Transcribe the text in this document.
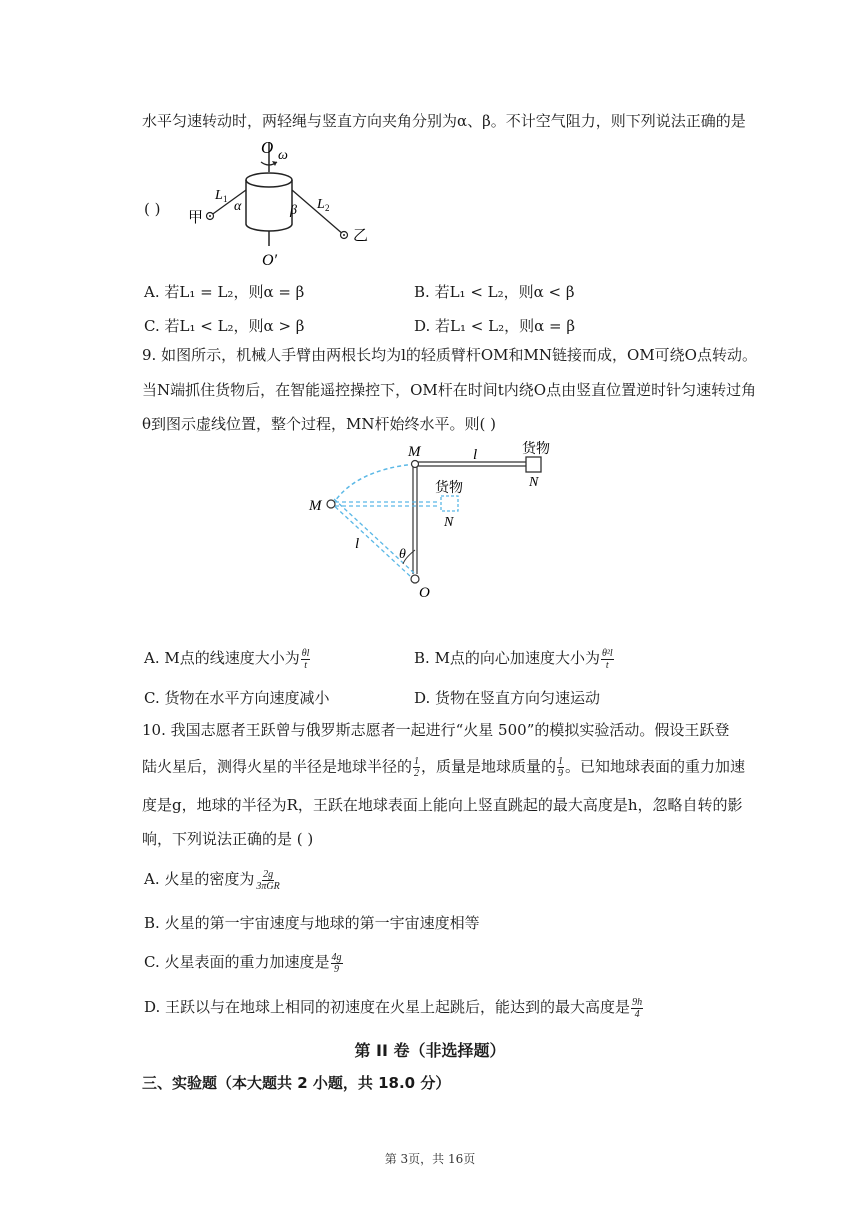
水平匀速转动时，两轻绳与竖直方向夹角分别为α、β。不计空气阻力，则下列说法正确的是
( )
O ω
L 1	L 2
α	β
甲
乙
O′
A. 若L₁ = L₂，则α = β	B. 若L₁ < L₂，则α < β
C. 若L₁ < L₂，则α > β	D. 若L₁ < L₂，则α = β
9. 如图所示，机械人手臂由两根长均为l的轻质臂杆OM和MN链接而成，OM可绕O点转动。
当N端抓住货物后，在智能遥控操控下，OM杆在时间t内绕O点由竖直位置逆时针匀速转过角
θ到图示虚线位置，整个过程，MN杆始终水平。则( )
M	l	货物
N
M
货物
N
l
θ
O
A. M点的线速度大小为 $\frac{\theta l}{t}$	B. M点的向心加速度大小为 $\frac{\text{θ²l}}{t}$
C. 货物在水平方向速度减小	D. 货物在竖直方向匀速运动
10. 我国志愿者王跃曾与俄罗斯志愿者一起进行“火星 500”的模拟实验活动。假设王跃登
陆火星后，测得火星的半径是地球半径的 $\frac{1}{2}$ ，质量是地球质量的 $\frac{1}{9}$ 。已知地球表面的重力加速
度是g，地球的半径为R，王跃在地球表面上能向上竖直跳起的最大高度是h，忽略自转的影
响，下列说法正确的是 ( )
A. 火星的密度为 $\frac{2g}{\text{3πGR}}$
B. 火星的第一宇宙速度与地球的第一宇宙速度相等
C. 火星表面的重力加速度是 $\frac{4g}{9}$
D. 王跃以与在地球上相同的初速度在火星上起跳后，能达到的最大高度是 $\frac{9h}{4}$
第 II 卷（非选择题）
三、实验题（本大题共 2 小题，共 18.0 分）
第 3页，共 16页
